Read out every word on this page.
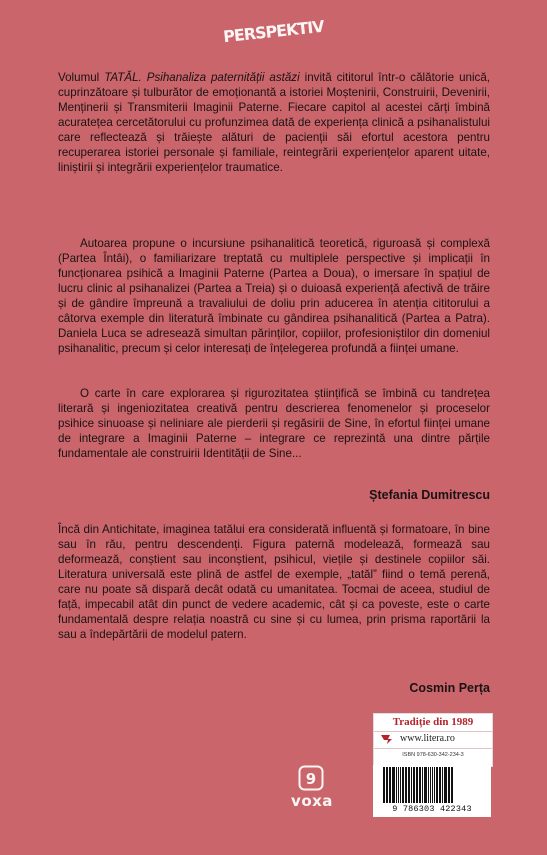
PERSPEKTIV

Volumul TATĂL. Psihanaliza paternității astăzi invită cititorul într-o călătorie unică, cuprinzătoare și tulburător de emoționantă a istoriei Moștenirii, Construirii, Devenirii, Menținerii și Transmiterii Imaginii Paterne. Fiecare capitol al acestei cărți îmbină acuratețea cercetătorului cu profunzimea dată de experiența clinică a psihanalistului care reflectează și trăiește alături de pacienții săi efortul acestora pentru recuperarea istoriei personale și familiale, reintegrării experiențelor aparent uitate, liniștirii și integrării experiențelor traumatice.

Autoarea propune o incursiune psihanalitică teoretică, riguroasă și complexă (Partea Întâi), o familiarizare treptată cu multiplele perspective și implicații în funcționarea psihică a Imaginii Paterne (Partea a Doua), o imersare în spațiul de lucru clinic al psihanalizei (Partea a Treia) și o duioasă experiență afectivă de trăire și de gândire împreună a travaliului de doliu prin aducerea în atenția cititorului a câtorva exemple din literatură îmbinate cu gândirea psihanalitică (Partea a Patra). Daniela Luca se adresează simultan părinților, copiilor, profesioniștilor din domeniul psihanalitic, precum și celor interesați de înțelegerea profundă a ființei umane.

O carte în care explorarea și rigurozitatea științifică se îmbină cu tandrețea literară și ingeniozitatea creativă pentru descrierea fenomenelor și proceselor psihice sinuoase și neliniare ale pierderii și regăsirii de Sine, în efortul ființei umane de integrare a Imaginii Paterne – integrare ce reprezintă una dintre părțile fundamentale ale construirii Identității de Sine...

Ștefania Dumitrescu

Încă din Antichitate, imaginea tatălui era considerată influentă și formatoare, în bine sau în rău, pentru descendenți. Figura paternă modelează, formează sau deformează, conștient sau inconștient, psihicul, viețile și destinele copiilor săi. Literatura universală este plină de astfel de exemple, „tatăl” fiind o temă perenă, care nu poate să dispară decât odată cu umanitatea. Tocmai de aceea, studiul de față, impecabil atât din punct de vedere academic, cât și ca poveste, este o carte fundamentală despre relația noastră cu sine și cu lumea, prin prisma raportării la sau a îndepărtării de modelul patern.

Cosmin Perța
Tradiție din 1989
www.litera.ro
ISBN 978-630-342-234-3
9 786303 422343
9
voxa
